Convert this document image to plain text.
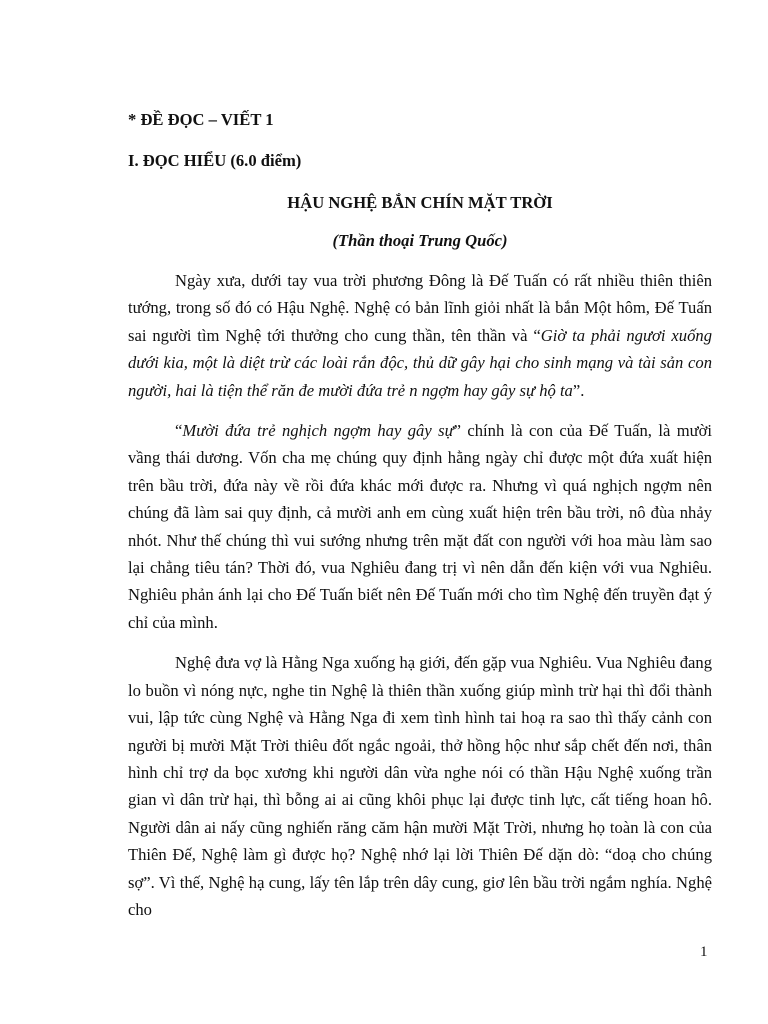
* ĐỀ ĐỌC – VIẾT 1

I. ĐỌC HIỂU (6.0 điểm)

HẬU NGHỆ BẮN CHÍN MẶT TRỜI

(Thần thoại Trung Quốc)

Ngày xưa, dưới tay vua trời phương Đông là Đế Tuấn có rất nhiều thiên thiên tướng, trong số đó có Hậu Nghệ. Nghệ có bản lĩnh giỏi nhất là bắn Một hôm, Đế Tuấn sai người tìm Nghệ tới thưởng cho cung thần, tên thần và “Giờ ta phải ngươi xuống dưới kia, một là diệt trừ các loài rắn độc, thủ dữ gây hại cho sinh mạng và tài sản con người, hai là tiện thể răn đe mười đứa trẻ n ngợm hay gây sự hộ ta”.

“Mười đứa trẻ nghịch ngợm hay gây sự” chính là con của Đế Tuấn, là mười vầng thái dương. Vốn cha mẹ chúng quy định hằng ngày chỉ được một đứa xuất hiện trên bầu trời, đứa này về rồi đứa khác mới được ra. Nhưng vì quá nghịch ngợm nên chúng đã làm sai quy định, cả mười anh em cùng xuất hiện trên bầu trời, nô đùa nhảy nhót. Như thế chúng thì vui sướng nhưng trên mặt đất con người với hoa màu làm sao lại chẳng tiêu tán? Thời đó, vua Nghiêu đang trị vì nên dẫn đến kiện với vua Nghiêu. Nghiêu phản ánh lại cho Đế Tuấn biết nên Đế Tuấn mới cho tìm Nghệ đến truyền đạt ý chỉ của mình.

Nghệ đưa vợ là Hằng Nga xuống hạ giới, đến gặp vua Nghiêu. Vua Nghiêu đang lo buồn vì nóng nực, nghe tin Nghệ là thiên thần xuống giúp mình trừ hại thì đổi thành vui, lập tức cùng Nghệ và Hằng Nga đi xem tình hình tai hoạ ra sao thì thấy cảnh con người bị mười Mặt Trời thiêu đốt ngắc ngoải, thở hồng hộc như sắp chết đến nơi, thân hình chỉ trợ da bọc xương khi người dân vừa nghe nói có thần Hậu Nghệ xuống trần gian vì dân trừ hại, thì bỗng ai ai cũng khôi phục lại được tinh lực, cất tiếng hoan hô. Người dân ai nấy cũng nghiến răng căm hận mười Mặt Trời, nhưng họ toàn là con của Thiên Đế, Nghệ làm gì được họ? Nghệ nhớ lại lời Thiên Đế dặn dò: “doạ cho chúng sợ”. Vì thế, Nghệ hạ cung, lấy tên lắp trên dây cung, giơ lên bầu trời ngắm nghía. Nghệ cho

1
